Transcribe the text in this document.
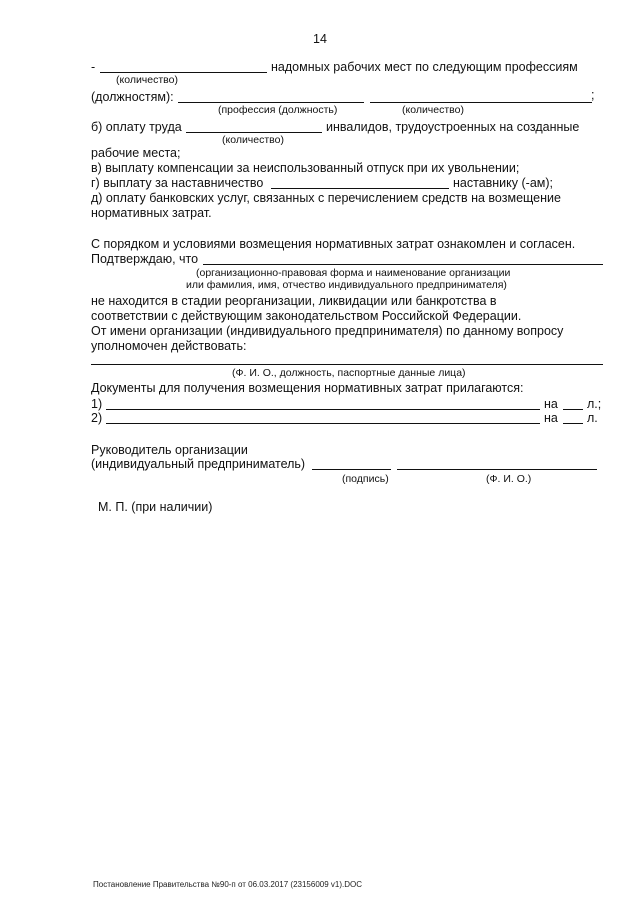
14
-	надомных рабочих мест по следующим профессиям
(количество)
(должностям):	;
(профессия (должность)	(количество)
б) оплату труда	инвалидов, трудоустроенных на созданные
(количество)
рабочие места;
в) выплату компенсации за неиспользованный отпуск при их увольнении;
г) выплату за наставничество	наставнику (-ам);
д) оплату банковских услуг, связанных с перечислением средств на возмещение
нормативных затрат.
С порядком и условиями возмещения нормативных затрат ознакомлен и согласен.
Подтверждаю, что
(организационно-правовая форма и наименование организации
или фамилия, имя, отчество индивидуального предпринимателя)
не находится в стадии реорганизации, ликвидации или банкротства в
соответствии с действующим законодательством Российской Федерации.
От имени организации (индивидуального предпринимателя) по данному вопросу
уполномочен действовать:
(Ф. И. О., должность, паспортные данные лица)
Документы для получения возмещения нормативных затрат прилагаются:
1)	на л.;
2)	на л.
Руководитель организации
(индивидуальный предприниматель)
(подпись)	(Ф. И. О.)
М. П. (при наличии)
Постановление Правительства №90-п от 06.03.2017 (23156009 v1).DOC
